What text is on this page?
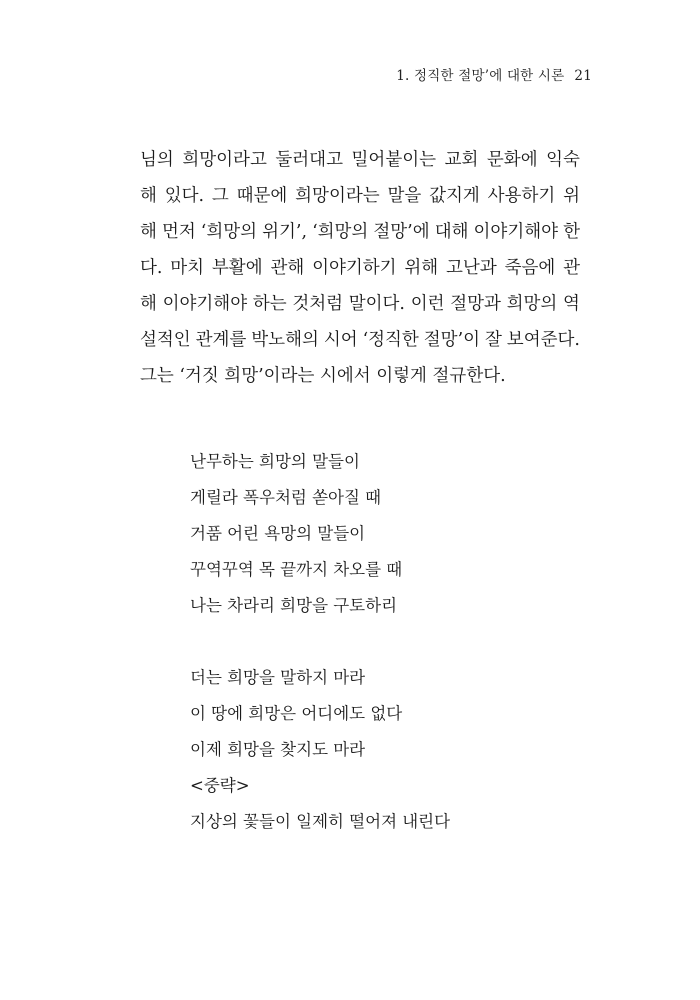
1. 정직한 절망’에 대한 시론 21
님의 희망이라고 둘러대고 밀어붙이는 교회 문화에 익숙
해 있다. 그 때문에 희망이라는 말을 값지게 사용하기 위
해 먼저 ‘희망의 위기’, ‘희망의 절망’에 대해 이야기해야 한
다. 마치 부활에 관해 이야기하기 위해 고난과 죽음에 관
해 이야기해야 하는 것처럼 말이다. 이런 절망과 희망의 역
설적인 관계를 박노해의 시어 ‘정직한 절망’이 잘 보여준다.
그는 ‘거짓 희망’이라는 시에서 이렇게 절규한다.
난무하는 희망의 말들이
게릴라 폭우처럼 쏟아질 때
거품 어린 욕망의 말들이
꾸역꾸역 목 끝까지 차오를 때
나는 차라리 희망을 구토하리
더는 희망을 말하지 마라
이 땅에 희망은 어디에도 없다
이제 희망을 찾지도 마라
<중략>
지상의 꽃들이 일제히 떨어져 내린다
